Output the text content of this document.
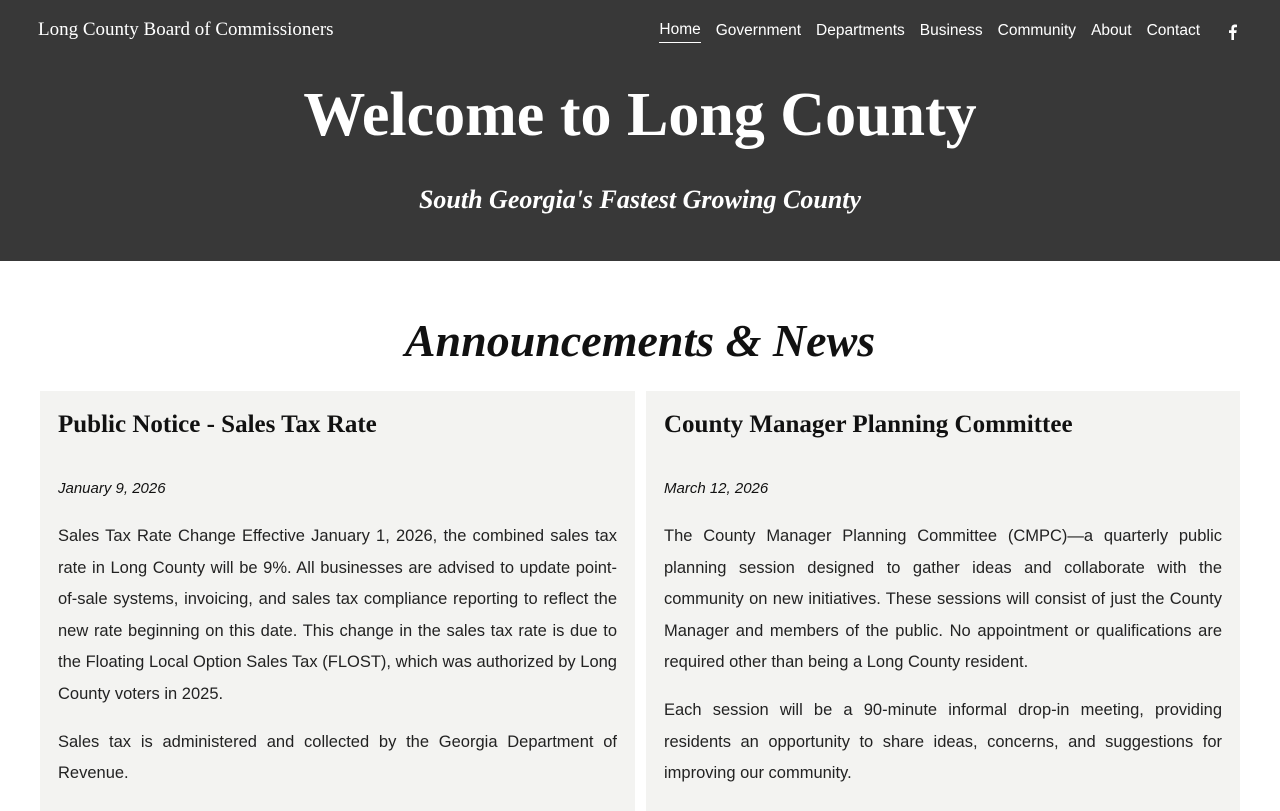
Long County Board of Commissioners	Home Government Departments Business Community About Contact
Welcome to Long County
South Georgia's Fastest Growing County
Announcements & News
Public Notice - Sales Tax Rate
January 9, 2026

Sales Tax Rate Change Effective January 1, 2026, the combined sales tax rate in Long County will be 9%. All businesses are advised to update point-of-sale systems, invoicing, and sales tax compliance reporting to reflect the new rate beginning on this date. This change in the sales tax rate is due to the Floating Local Option Sales Tax (FLOST), which was authorized by Long County voters in 2025.

Sales tax is administered and collected by the Georgia Department of Revenue.

County Manager Planning Committee
March 12, 2026

The County Manager Planning Committee (CMPC)—a quarterly public planning session designed to gather ideas and collaborate with the community on new initiatives. These sessions will consist of just the County Manager and members of the public. No appointment or qualifications are required other than being a Long County resident.

Each session will be a 90-minute informal drop-in meeting, providing residents an opportunity to share ideas, concerns, and suggestions for improving our community.
